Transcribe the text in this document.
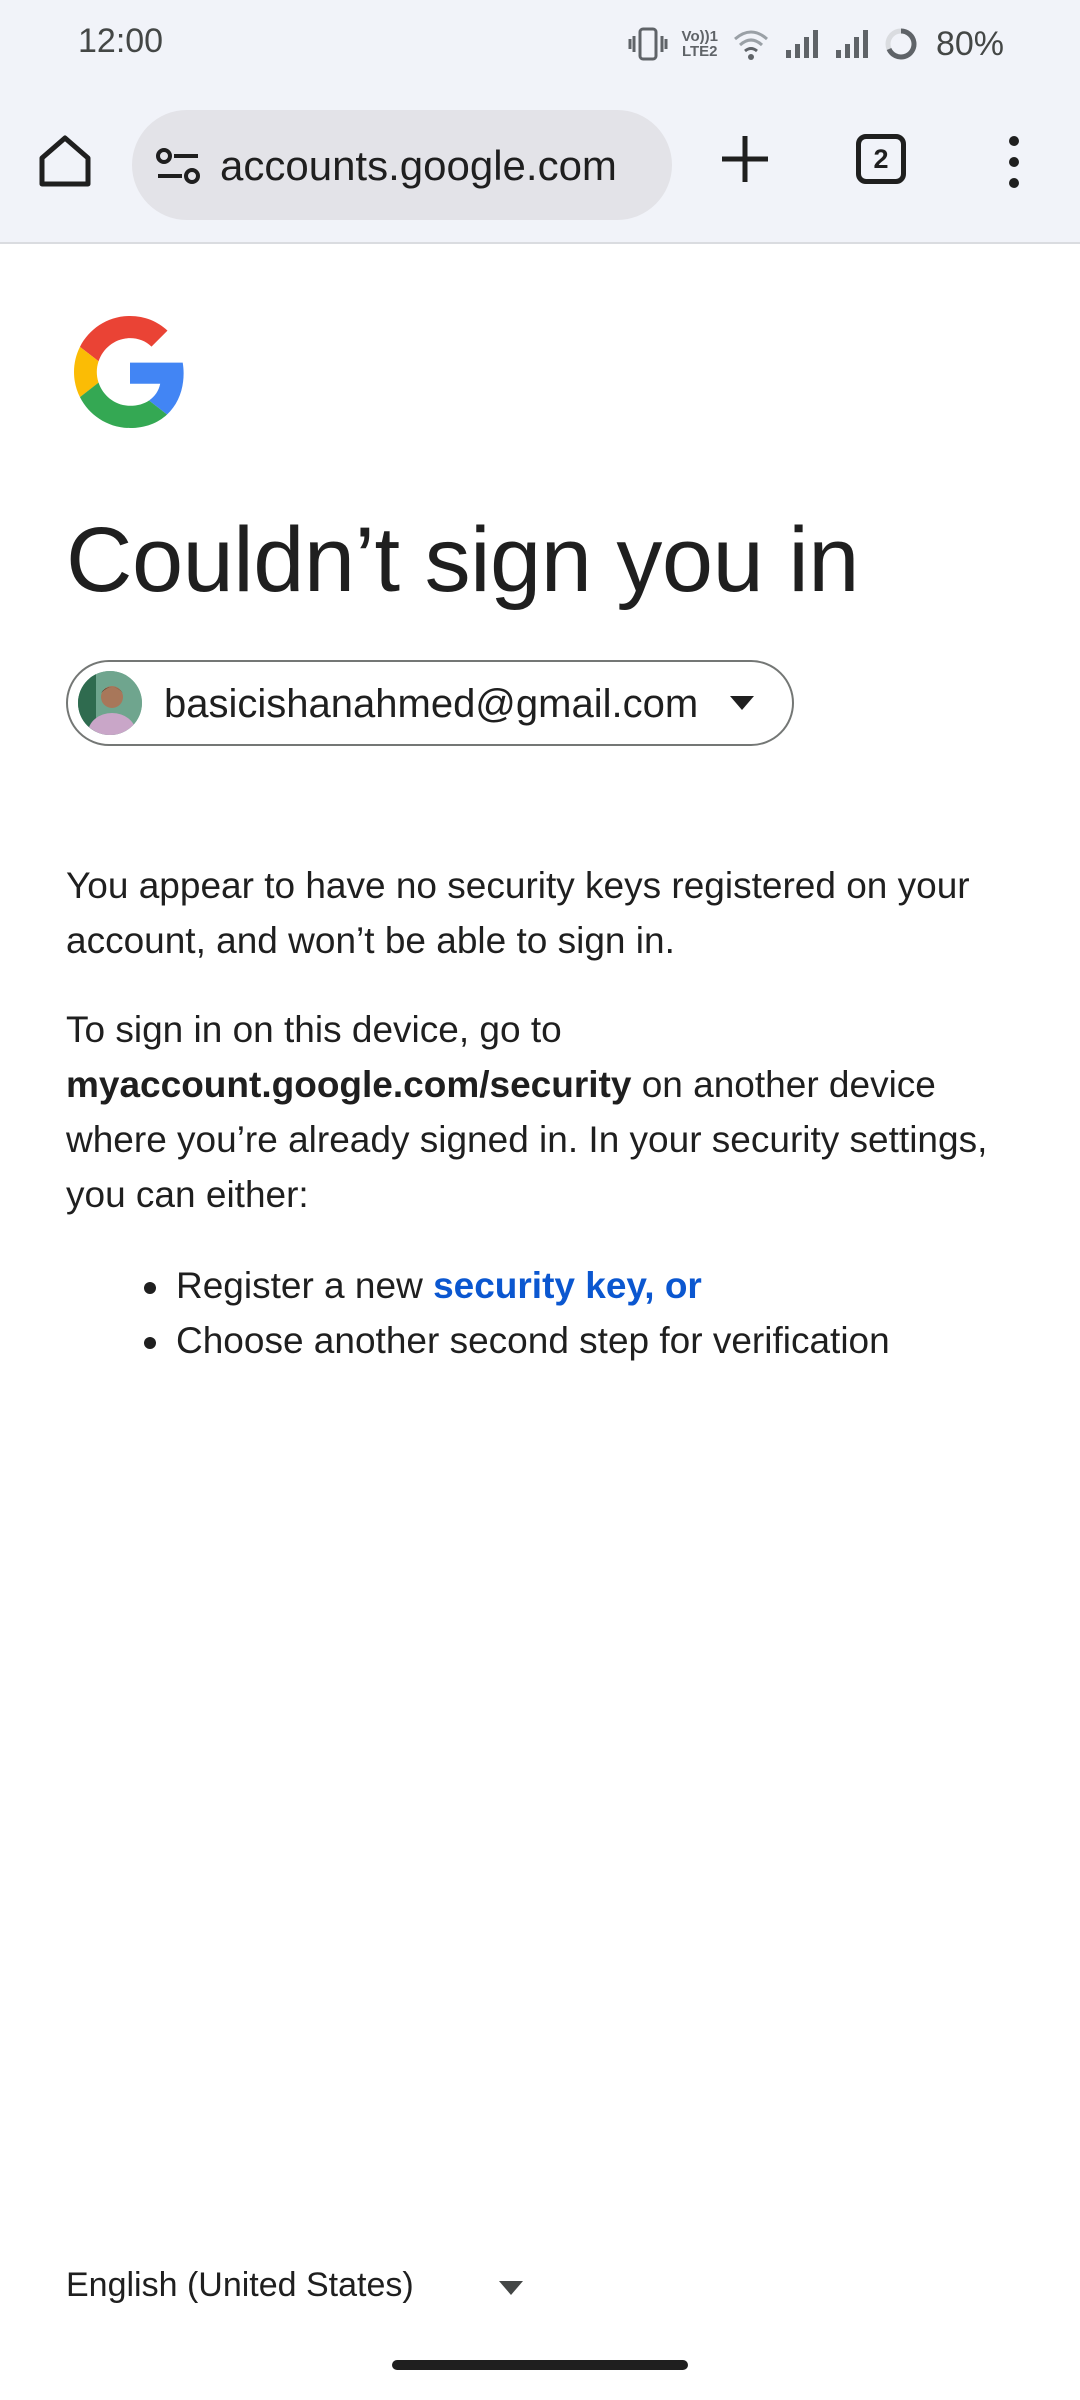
12:00	Vo))1
LTE2	80%
accounts.google.com	2
Couldn’t sign you in
basicishanahmed@gmail.com

You appear to have no security keys registered on your account, and won’t be able to sign in.

To sign in on this device, go to
myaccount.google.com/security on another device where you’re already signed in. In your security settings, you can either:

Register a new security key, or
Choose another second step for verification
English (United States)
